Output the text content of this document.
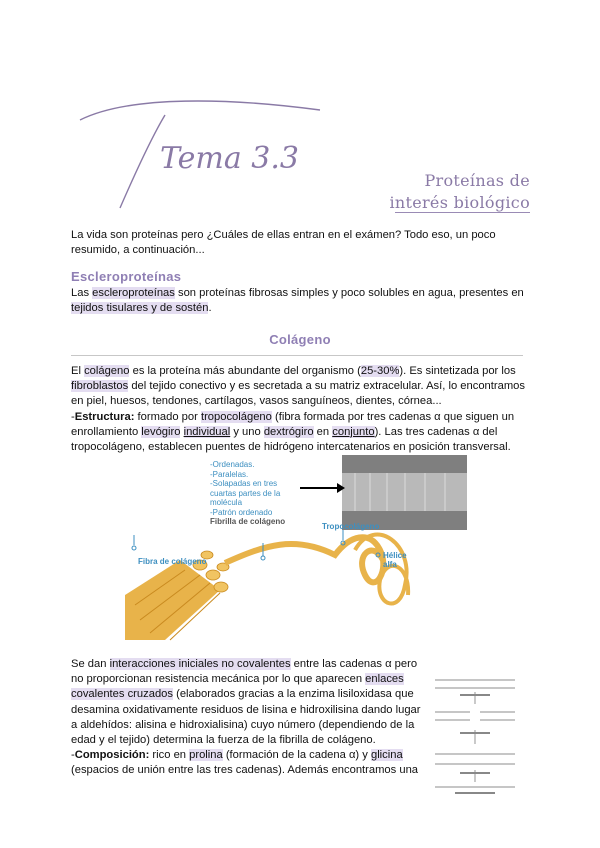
Tema 3.3
Proteínas de
interés biológico

La vida son proteínas pero ¿Cuáles de ellas entran en el exámen? Todo eso, un poco resumido, a continuación...

Escleroproteínas

Las escleroproteínas son proteínas fibrosas simples y poco solubles en agua, presentes en tejidos tisulares y de sostén.

Colágeno

El colágeno es la proteína más abundante del organismo (25-30%). Es sintetizada por los fibroblastos del tejido conectivo y es secretada a su matriz extracelular. Así, lo encontramos en piel, huesos, tendones, cartílagos, vasos sanguíneos, dientes, córnea...

-Estructura: formado por tropocolágeno (fibra formada por tres cadenas α que siguen un enrollamiento levógiro individual y uno dextrógiro en conjunto). Las tres cadenas α del tropocolágeno, establecen puentes de hidrógeno intercatenarios en posición transversal.

-Ordenadas.
-Paralelas.
-Solapadas en tres
cuartas partes de la
molécula
-Patrón ordenado
Fibrilla de colágeno
Tropocolágeno
Fibra de colágeno
Hélice
alfa

Se dan interacciones iniciales no covalentes entre las cadenas α pero no proporcionan resistencia mecánica por lo que aparecen enlaces covalentes cruzados (elaborados gracias a la enzima lisiloxidasa que desamina oxidativamente residuos de lisina e hidroxilisina dando lugar a aldehídos: alisina e hidroxialisina) cuyo número (dependiendo de la edad y el tejido) determina la fuerza de la fibrilla de colágeno.

-Composición: rico en prolina (formación de la cadena α) y glicina (espacios de unión entre las tres cadenas). Además encontramos una
